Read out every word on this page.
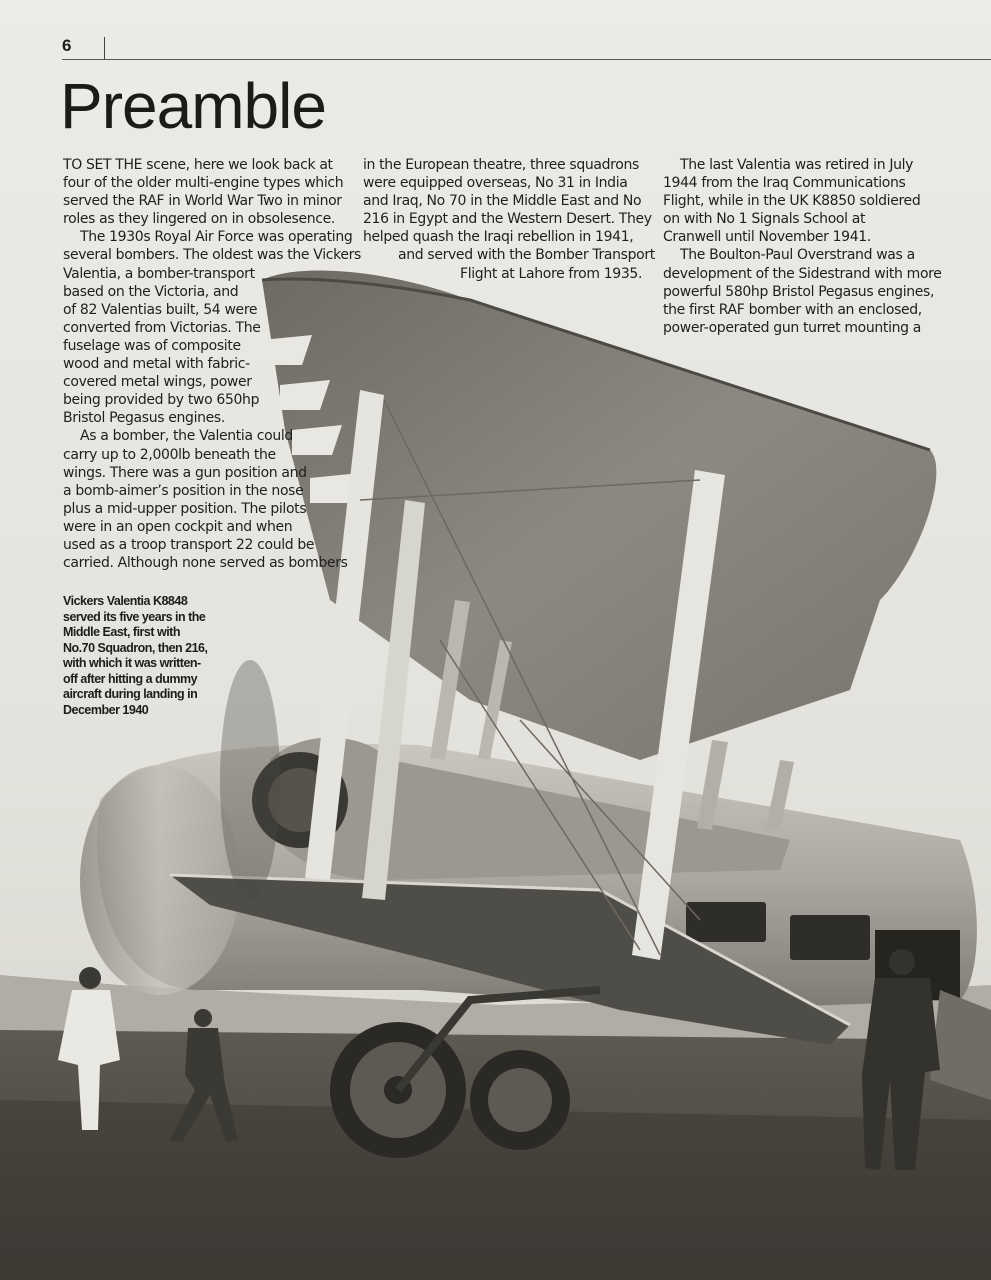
6
Preamble
TO SET THE scene, here we look back at
four of the older multi-engine types which
served the RAF in World War Two in minor
roles as they lingered on in obsolesence.
The 1930s Royal Air Force was operating
several bombers. The oldest was the Vickers
Valentia, a bomber-transport
based on the Victoria, and
of 82 Valentias built, 54 were
converted from Victorias. The
fuselage was of composite
wood and metal with fabric-
covered metal wings, power
being provided by two 650hp
Bristol Pegasus engines.
As a bomber, the Valentia could
carry up to 2,000lb beneath the
wings. There was a gun position and
a bomb-aimer’s position in the nose
plus a mid-upper position. The pilots
were in an open cockpit and when
used as a troop transport 22 could be
carried. Although none served as bombers
in the European theatre, three squadrons
were equipped overseas, No 31 in India
and Iraq, No 70 in the Middle East and No
216 in Egypt and the Western Desert. They
helped quash the Iraqi rebellion in 1941,
and served with the Bomber Transport
Flight at Lahore from 1935.
The last Valentia was retired in July
1944 from the Iraq Communications
Flight, while in the UK K8850 soldiered
on with No 1 Signals School at
Cranwell until November 1941.
The Boulton-Paul Overstrand was a
development of the Sidestrand with more
powerful 580hp Bristol Pegasus engines,
the first RAF bomber with an enclosed,
power-operated gun turret mounting a
Vickers Valentia K8848 served its five years in the Middle East, first with No.70 Squadron, then 216, with which it was written-off after hitting a dummy aircraft during landing in December 1940
